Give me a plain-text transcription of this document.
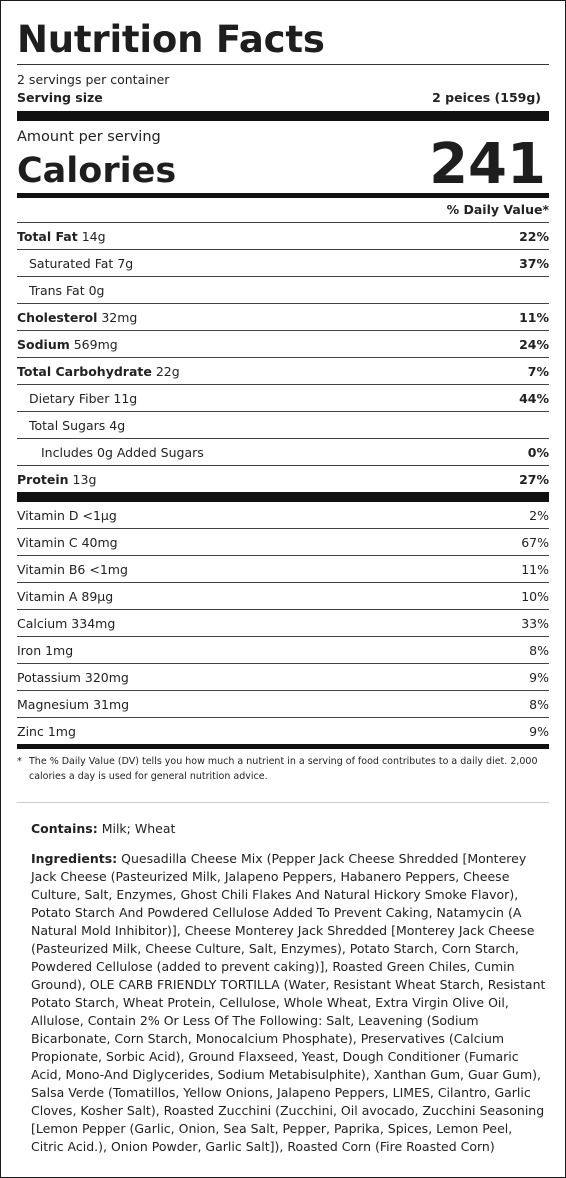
Nutrition Facts
2 servings per container
Serving size	2 peices (159g)
Amount per serving
Calories	241
% Daily Value*
Total Fat 14g	22%
Saturated Fat 7g	37%
Trans Fat 0g
Cholesterol 32mg	11%
Sodium 569mg	24%
Total Carbohydrate 22g	7%
Dietary Fiber 11g	44%
Total Sugars 4g
Includes 0g Added Sugars	0%
Protein 13g	27%
Vitamin D <1µg	2%
Vitamin C 40mg	67%
Vitamin B6 <1mg	11%
Vitamin A 89µg	10%
Calcium 334mg	33%
Iron 1mg	8%
Potassium 320mg	9%
Magnesium 31mg	8%
Zinc 1mg	9%
* The % Daily Value (DV) tells you how much a nutrient in a serving of food contributes to a daily diet. 2,000 calories a day is used for general nutrition advice.
Contains: Milk; Wheat
Ingredients: Quesadilla Cheese Mix (Pepper Jack Cheese Shredded [Monterey Jack Cheese (Pasteurized Milk, Jalapeno Peppers, Habanero Peppers, Cheese Culture, Salt, Enzymes, Ghost Chili Flakes And Natural Hickory Smoke Flavor), Potato Starch And Powdered Cellulose Added To Prevent Caking, Natamycin (A Natural Mold Inhibitor)], Cheese Monterey Jack Shredded [Monterey Jack Cheese (Pasteurized Milk, Cheese Culture, Salt, Enzymes), Potato Starch, Corn Starch, Powdered Cellulose (added to prevent caking)], Roasted Green Chiles, Cumin Ground), OLE CARB FRIENDLY TORTILLA (Water, Resistant Wheat Starch, Resistant Potato Starch, Wheat Protein, Cellulose, Whole Wheat, Extra Virgin Olive Oil, Allulose, Contain 2% Or Less Of The Following: Salt, Leavening (Sodium Bicarbonate, Corn Starch, Monocalcium Phosphate), Preservatives (Calcium Propionate, Sorbic Acid), Ground Flaxseed, Yeast, Dough Conditioner (Fumaric Acid, Mono-And Diglycerides, Sodium Metabisulphite), Xanthan Gum, Guar Gum), Salsa Verde (Tomatillos, Yellow Onions, Jalapeno Peppers, LIMES, Cilantro, Garlic Cloves, Kosher Salt), Roasted Zucchini (Zucchini, Oil avocado, Zucchini Seasoning [Lemon Pepper (Garlic, Onion, Sea Salt, Pepper, Paprika, Spices, Lemon Peel, Citric Acid.), Onion Powder, Garlic Salt]), Roasted Corn (Fire Roasted Corn)
